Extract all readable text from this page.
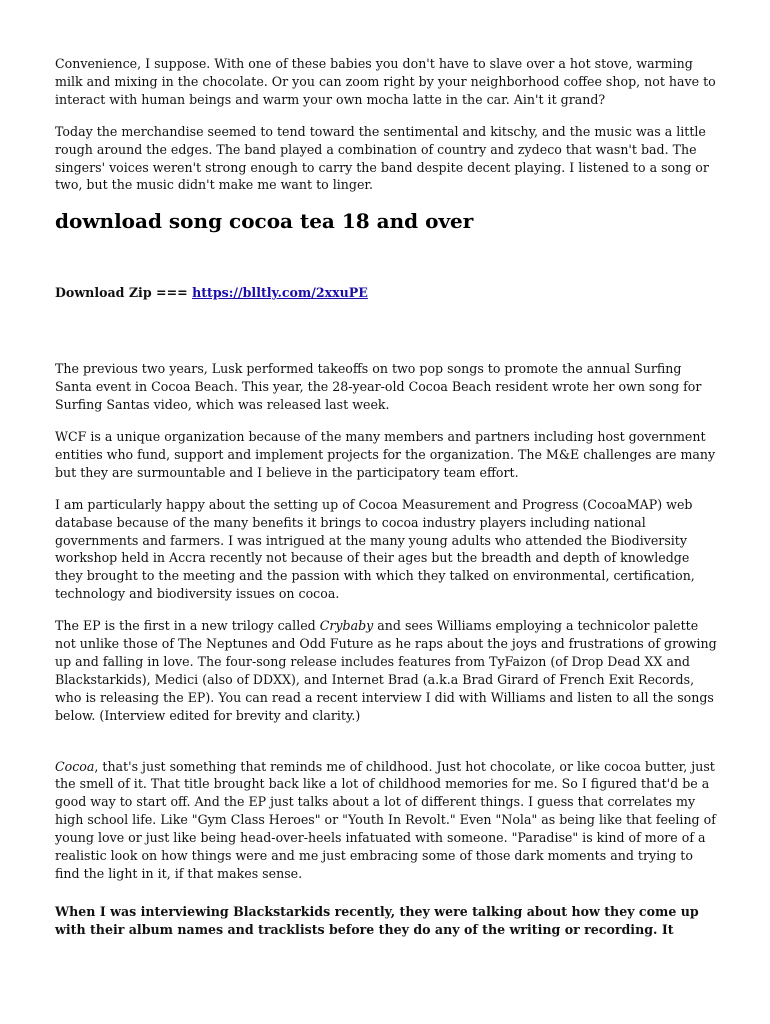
Convenience, I suppose. With one of these babies you don't have to slave over a hot stove, warming milk and mixing in the chocolate. Or you can zoom right by your neighborhood coffee shop, not have to interact with human beings and warm your own mocha latte in the car. Ain't it grand?

Today the merchandise seemed to tend toward the sentimental and kitschy, and the music was a little rough around the edges. The band played a combination of country and zydeco that wasn't bad. The singers' voices weren't strong enough to carry the band despite decent playing. I listened to a song or two, but the music didn't make me want to linger.

download song cocoa tea 18 and over

Download Zip === https://blltly.com/2xxuPE

The previous two years, Lusk performed takeoffs on two pop songs to promote the annual Surfing Santa event in Cocoa Beach. This year, the 28-year-old Cocoa Beach resident wrote her own song for Surfing Santas video, which was released last week.

WCF is a unique organization because of the many members and partners including host government entities who fund, support and implement projects for the organization. The M&E challenges are many but they are surmountable and I believe in the participatory team effort.

I am particularly happy about the setting up of Cocoa Measurement and Progress (CocoaMAP) web database because of the many benefits it brings to cocoa industry players including national governments and farmers. I was intrigued at the many young adults who attended the Biodiversity workshop held in Accra recently not because of their ages but the breadth and depth of knowledge they brought to the meeting and the passion with which they talked on environmental, certification, technology and biodiversity issues on cocoa.

The EP is the first in a new trilogy called Crybaby and sees Williams employing a technicolor palette not unlike those of The Neptunes and Odd Future as he raps about the joys and frustrations of growing up and falling in love. The four-song release includes features from TyFaizon (of Drop Dead XX and Blackstarkids), Medici (also of DDXX), and Internet Brad (a.k.a Brad Girard of French Exit Records, who is releasing the EP). You can read a recent interview I did with Williams and listen to all the songs below. (Interview edited for brevity and clarity.)

Cocoa, that's just something that reminds me of childhood. Just hot chocolate, or like cocoa butter, just the smell of it. That title brought back like a lot of childhood memories for me. So I figured that'd be a good way to start off. And the EP just talks about a lot of different things. I guess that correlates my high school life. Like "Gym Class Heroes" or "Youth In Revolt." Even "Nola" as being like that feeling of young love or just like being head-over-heels infatuated with someone. "Paradise" is kind of more of a realistic look on how things were and me just embracing some of those dark moments and trying to find the light in it, if that makes sense.

When I was interviewing Blackstarkids recently, they were talking about how they come up with their album names and tracklists before they do any of the writing or recording. It
